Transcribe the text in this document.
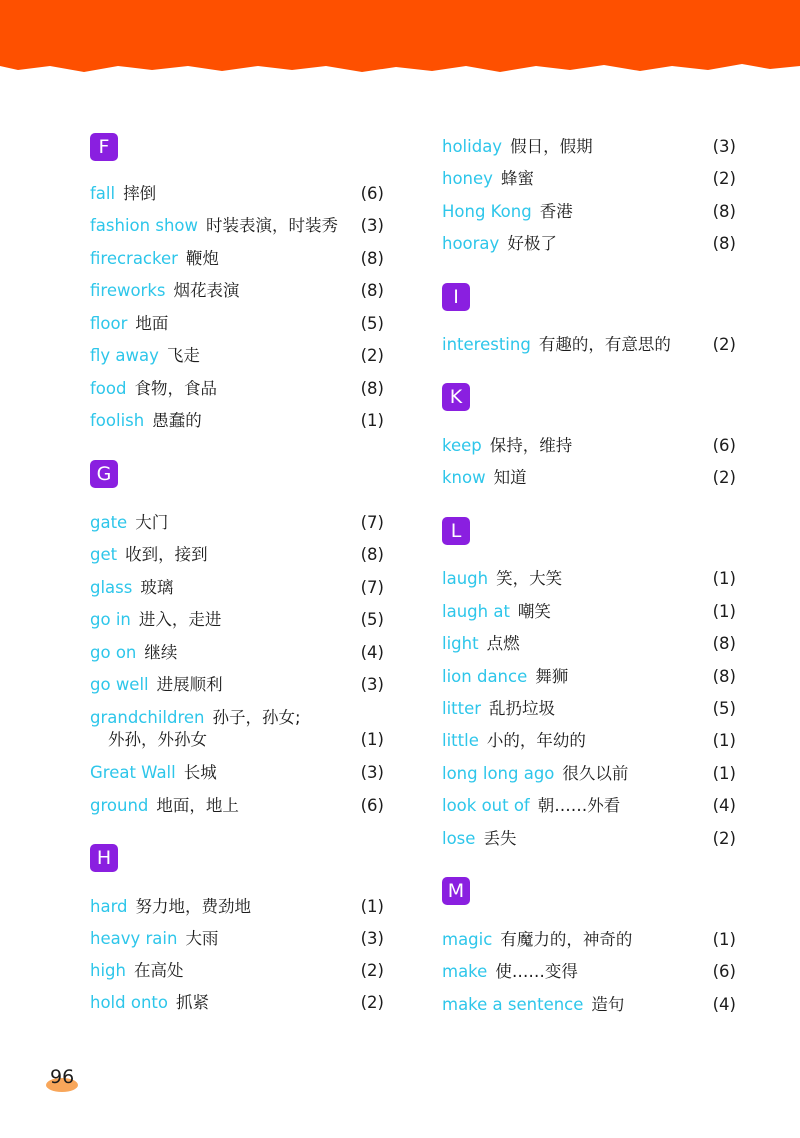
F
fall 摔倒	(6)
fashion show 时装表演，时装秀 (3)
firecracker 鞭炮	(8)
fireworks 烟花表演	(8)
floor 地面	(5)
fly away 飞走	(2)
food 食物，食品	(8)
foolish 愚蠢的	(1)
G
gate 大门	(7)
get 收到，接到	(8)
glass 玻璃	(7)
go in 进入，走进	(5)
go on 继续	(4)
go well 进展顺利	(3)
grandchildren 孙子，孙女;
外孙，外孙女	(1)
Great Wall 长城	(3)
ground 地面，地上	(6)
H
hard 努力地，费劲地	(1)
heavy rain 大雨	(3)
high 在高处	(2)
hold onto 抓紧	(2)
holiday 假日，假期	(3)
honey 蜂蜜	(2)
Hong Kong 香港	(8)
hooray 好极了	(8)
I
interesting 有趣的，有意思的	(2)
K
keep 保持，维持	(6)
know 知道	(2)
L
laugh 笑，大笑	(1)
laugh at 嘲笑	(1)
light 点燃	(8)
lion dance 舞狮	(8)
litter 乱扔垃圾	(5)
little 小的，年幼的	(1)
long long ago 很久以前	(1)
look out of 朝……外看	(4)
lose 丢失	(2)
M
magic 有魔力的，神奇的	(1)
make 使……变得	(6)
make a sentence 造句	(4)
96
